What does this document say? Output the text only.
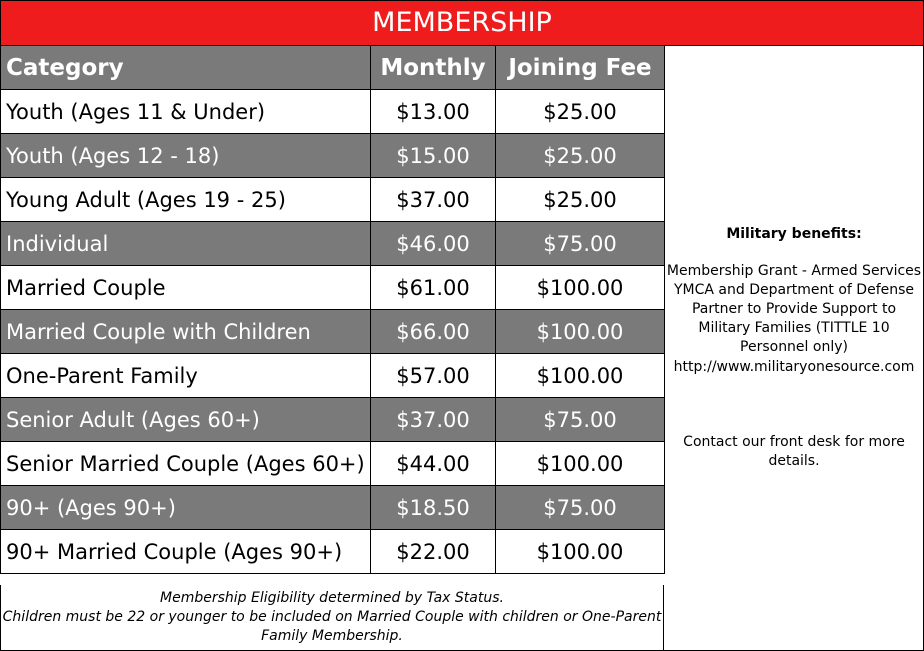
MEMBERSHIP
Category	Monthly	Joining Fee
Youth (Ages 11 & Under)	$13.00	$25.00
Youth (Ages 12 - 18)	$15.00	$25.00
Young Adult (Ages 19 - 25)	$37.00	$25.00
Individual	$46.00	$75.00
Married Couple	$61.00	$100.00
Married Couple with Children	$66.00	$100.00
One-Parent Family	$57.00	$100.00
Senior Adult (Ages 60+)	$37.00	$75.00
Senior Married Couple (Ages 60+)	$44.00	$100.00
90+ (Ages 90+)	$18.50	$75.00
90+ Married Couple (Ages 90+)	$22.00	$100.00
Membership Eligibility determined by Tax Status.
Children must be 22 or younger to be included on Married Couple with children or One-Parent Family Membership.
Military benefits:
Membership Grant - Armed Services YMCA and Department of Defense Partner to Provide Support to Military Families (TITTLE 10 Personnel only)
http://www.militaryonesource.com
Contact our front desk for more details.
